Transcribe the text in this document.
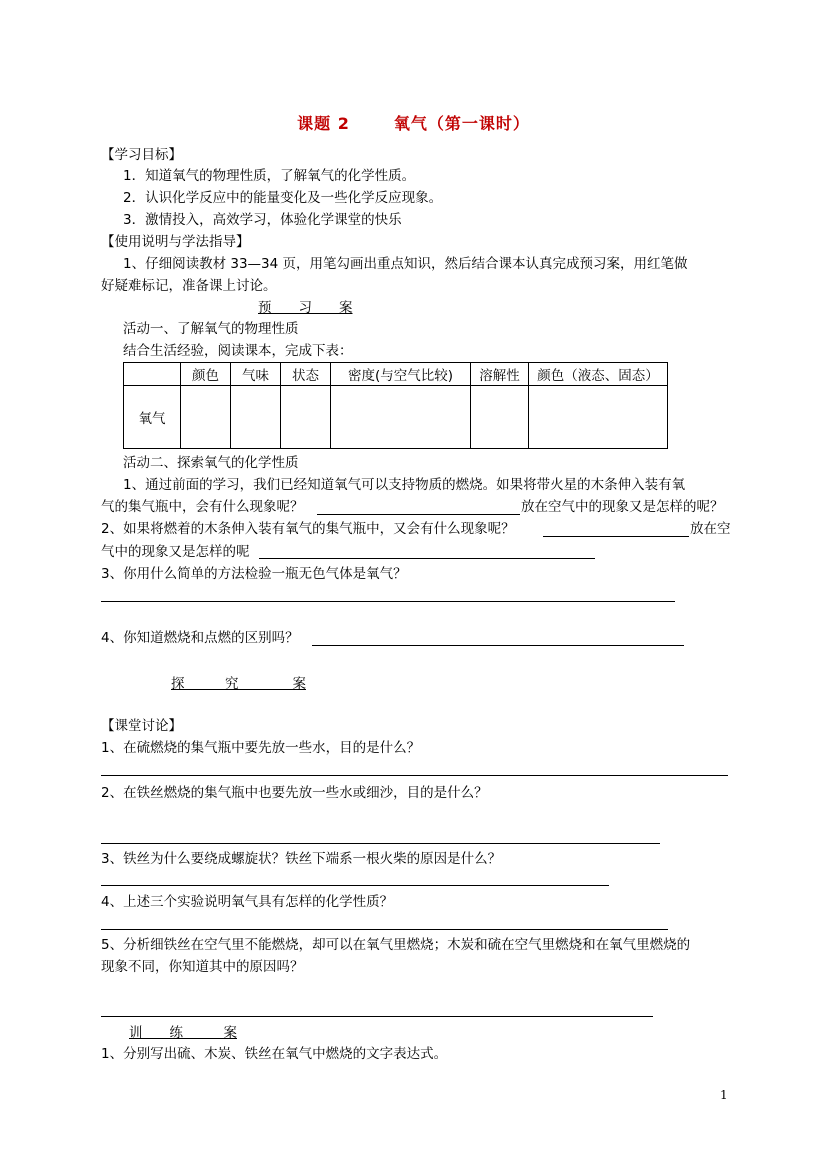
课题 2	氧气（第一课时）
【学习目标】
1．知道氧气的物理性质，了解氧气的化学性质。
2．认识化学反应中的能量变化及一些化学反应现象。
3．激情投入，高效学习，体验化学课堂的快乐
【使用说明与学法指导】
1、仔细阅读教材 33—34 页，用笔勾画出重点知识，然后结合课本认真完成预习案，用红笔做
好疑难标记，准备课上讨论。
预　　习　　案
活动一、了解氧气的物理性质
结合生活经验，阅读课本，完成下表：
	颜色	气味	状态	密度(与空气比较)	溶解性	颜色（液态、固态）
氧气						
活动二、探索氧气的化学性质
1、通过前面的学习，我们已经知道氧气可以支持物质的燃烧。如果将带火星的木条伸入装有氧
气的集气瓶中，会有什么现象呢？	放在空气中的现象又是怎样的呢？
2、如果将燃着的木条伸入装有氧气的集气瓶中，又会有什么现象呢？	放在空
气中的现象又是怎样的呢
3、你用什么简单的方法检验一瓶无色气体是氧气？
4、你知道燃烧和点燃的区别吗？
探　　　究　　　　案
【课堂讨论】
1、在硫燃烧的集气瓶中要先放一些水，目的是什么？
2、在铁丝燃烧的集气瓶中也要先放一些水或细沙，目的是什么？
3、铁丝为什么要绕成螺旋状？铁丝下端系一根火柴的原因是什么？
4、上述三个实验说明氧气具有怎样的化学性质？
5、分析细铁丝在空气里不能燃烧，却可以在氧气里燃烧；木炭和硫在空气里燃烧和在氧气里燃烧的
现象不同，你知道其中的原因吗？
训　　练　　　案
1、分别写出硫、木炭、铁丝在氧气中燃烧的文字表达式。
1
